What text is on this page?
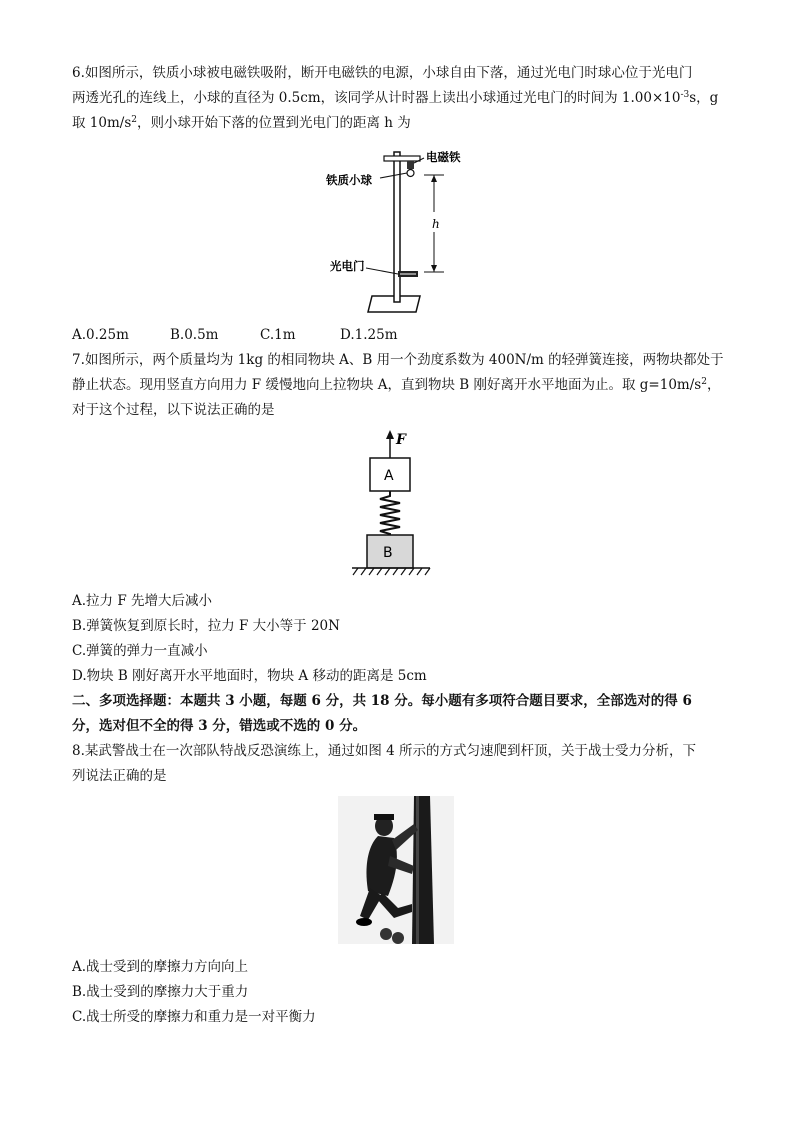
6.如图所示，铁质小球被电磁铁吸附，断开电磁铁的电源，小球自由下落，通过光电门时球心位于光电门
两透光孔的连线上，小球的直径为 0.5cm，该同学从计时器上读出小球通过光电门的时间为 $1.00\times 10^{-3}s$，g
取 $10m/s^2$，则小球开始下落的位置到光电门的距离 h 为
电磁铁
铁质小球
h
光电门
A.0.25m	B.0.5m	C.1m	D.1.25m
7.如图所示，两个质量均为 1kg 的相同物块 A、B 用一个劲度系数为 400N/m 的轻弹簧连接，两物块都处于
静止状态。现用竖直方向用力 F 缓慢地向上拉物块 A，直到物块 B 刚好离开水平地面为止。取 $g=10m/s^2$，
对于这个过程，以下说法正确的是
F
A
B
A.拉力 F 先增大后减小
B.弹簧恢复到原长时，拉力 F 大小等于 20N
C.弹簧的弹力一直减小
D.物块 B 刚好离开水平地面时，物块 A 移动的距离是 5cm
二、多项选择题：本题共 3 小题，每题 6 分，共 18 分。每小题有多项符合题目要求，全部选对的得 6
分，选对但不全的得 3 分，错选或不选的 0 分。
8.某武警战士在一次部队特战反恐演练上，通过如图 4 所示的方式匀速爬到杆顶，关于战士受力分析，下
列说法正确的是
A.战士受到的摩擦力方向向上
B.战士受到的摩擦力大于重力
C.战士所受的摩擦力和重力是一对平衡力
